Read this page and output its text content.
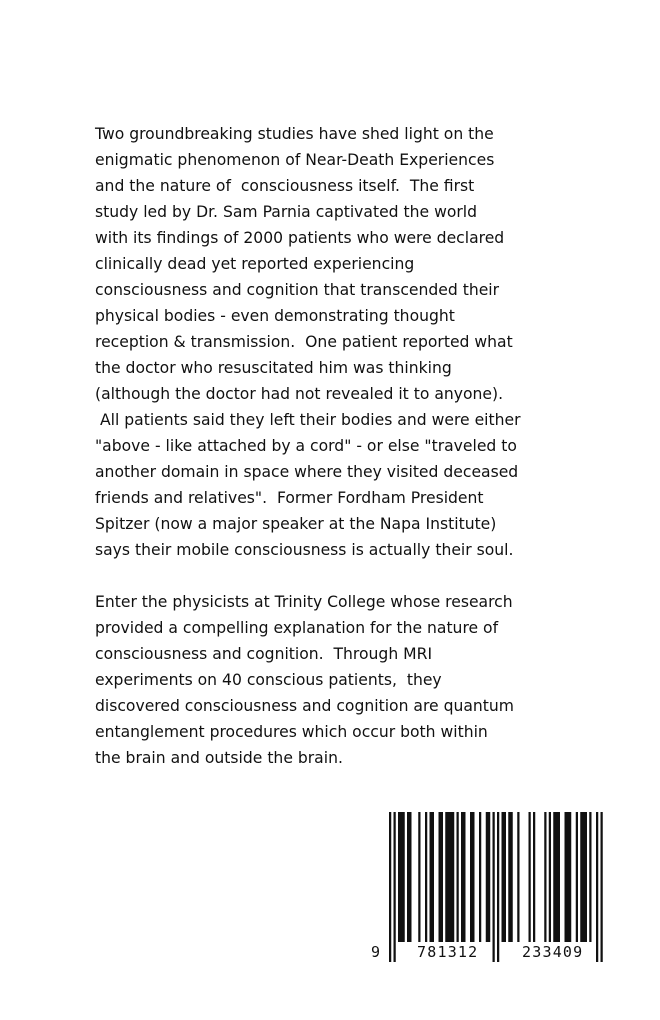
Two groundbreaking studies have shed light on the
enigmatic phenomenon of Near-Death Experiences
and the nature of  consciousness itself.  The first
study led by Dr. Sam Parnia captivated the world
with its findings of 2000 patients who were declared
clinically dead yet reported experiencing
consciousness and cognition that transcended their
physical bodies - even demonstrating thought
reception & transmission.  One patient reported what
the doctor who resuscitated him was thinking
(although the doctor had not revealed it to anyone).
All patients said they left their bodies and were either
"above - like attached by a cord" - or else "traveled to
another domain in space where they visited deceased
friends and relatives".  Former Fordham President
Spitzer (now a major speaker at the Napa Institute)
says their mobile consciousness is actually their soul.

Enter the physicists at Trinity College whose research
provided a compelling explanation for the nature of
consciousness and cognition.  Through MRI
experiments on 40 conscious patients,  they
discovered consciousness and cognition are quantum
entanglement procedures which occur both within
the brain and outside the brain.

9 781312	233409
